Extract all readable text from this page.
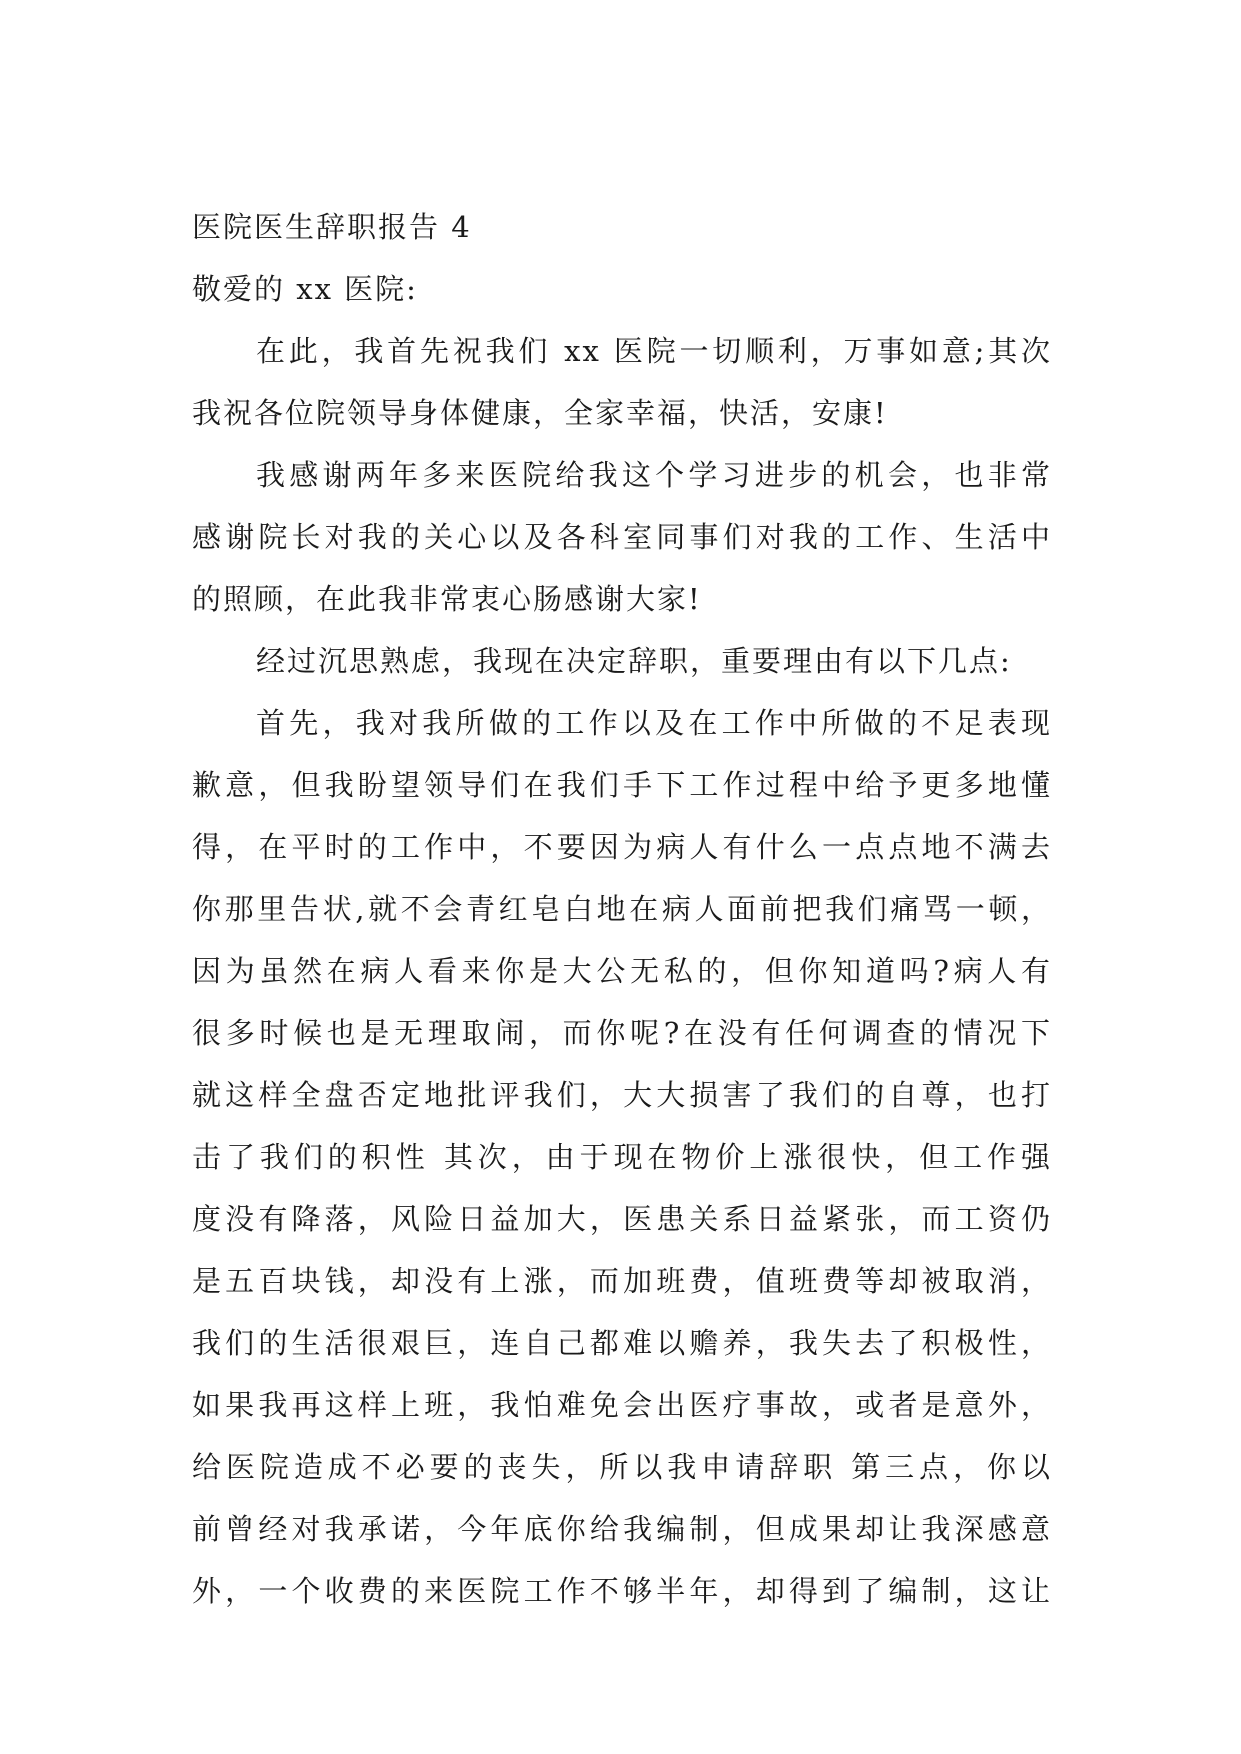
医院医生辞职报告 4

敬爱的 xx 医院:

在此，我首先祝我们 xx 医院一切顺利，万事如意;其次

我祝各位院领导身体健康，全家幸福，快活，安康!

我感谢两年多来医院给我这个学习进步的机会，也非常

感谢院长对我的关心以及各科室同事们对我的工作、生活中

的照顾，在此我非常衷心肠感谢大家!

经过沉思熟虑，我现在决定辞职，重要理由有以下几点:

首先，我对我所做的工作以及在工作中所做的不足表现

歉意，但我盼望领导们在我们手下工作过程中给予更多地懂

得，在平时的工作中，不要因为病人有什么一点点地不满去

你那里告状,就不会青红皂白地在病人面前把我们痛骂一顿，

因为虽然在病人看来你是大公无私的，但你知道吗?病人有

很多时候也是无理取闹，而你呢?在没有任何调查的情况下

就这样全盘否定地批评我们，大大损害了我们的自尊，也打

击了我们的积性 其次，由于现在物价上涨很快，但工作强

度没有降落，风险日益加大，医患关系日益紧张，而工资仍

是五百块钱，却没有上涨，而加班费，值班费等却被取消，

我们的生活很艰巨，连自己都难以赡养，我失去了积极性，

如果我再这样上班，我怕难免会出医疗事故，或者是意外，

给医院造成不必要的丧失，所以我申请辞职 第三点，你以

前曾经对我承诺，今年底你给我编制，但成果却让我深感意

外，一个收费的来医院工作不够半年，却得到了编制，这让
